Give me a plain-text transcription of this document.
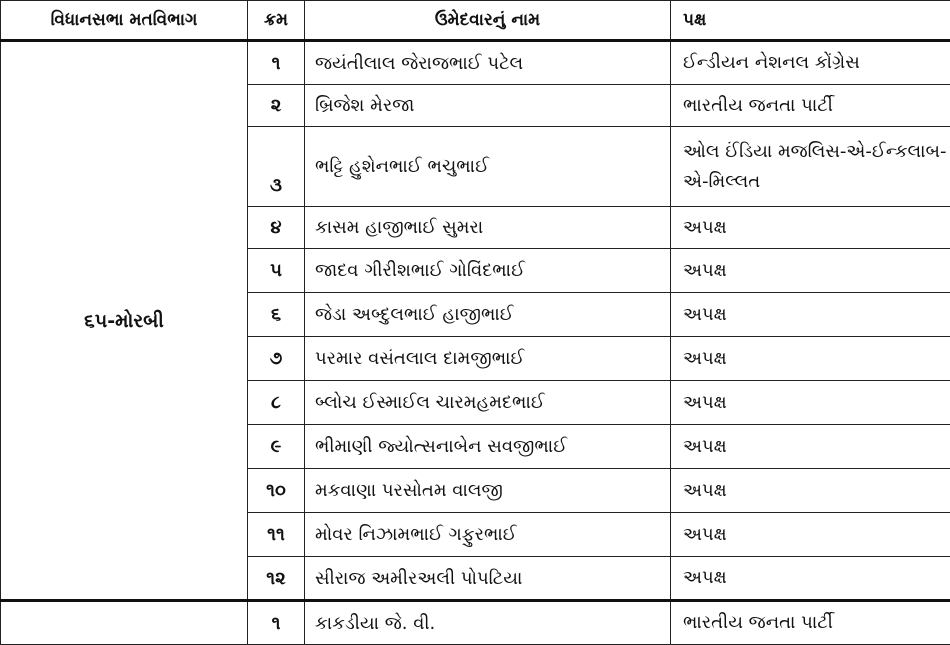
વિધાનસભા મતવિભાગ	ક્રમ	ઉમેદવારનું નામ	પક્ષ
૬૫-મોરબી	૧	જયંતીલાલ જેરાજભાઈ પટેલ	ઈન્ડીયન નેશનલ કોંગ્રેસ
	૨	બ્રિજેશ મેરજા	ભારતીય જનતા પાર્ટી
	૩	ભટ્ટિ હુશેનભાઈ ભચુભાઈ	ઓલ ઈંડિયા મજલિસ-એ-ઈન્કલાબ-એ-મિલ્લત
	૪	કાસમ હાજીભાઈ સુમરા	અપક્ષ
	૫	જાદવ ગીરીશભાઈ ગોવિંદભાઈ	અપક્ષ
	૬	જેડા અબ્દુલભાઈ હાજીભાઈ	અપક્ષ
	૭	પરમાર વસંતલાલ દામજીભાઈ	અપક્ષ
	૮	બ્લોચ ઈસ્માઈલ ચારમહમદભાઈ	અપક્ષ
	૯	ભીમાણી જ્યોત્સનાબેન સવજીભાઈ	અપક્ષ
	૧૦	મકવાણા પરસોતમ વાલજી	અપક્ષ
	૧૧	મોવર નિઝામભાઈ ગફુરભાઈ	અપક્ષ
	૧૨	સીરાજ અમીરઅલી પોપટિયા	અપક્ષ
	૧	કાકડીયા જે. વી.	ભારતીય જનતા પાર્ટી
